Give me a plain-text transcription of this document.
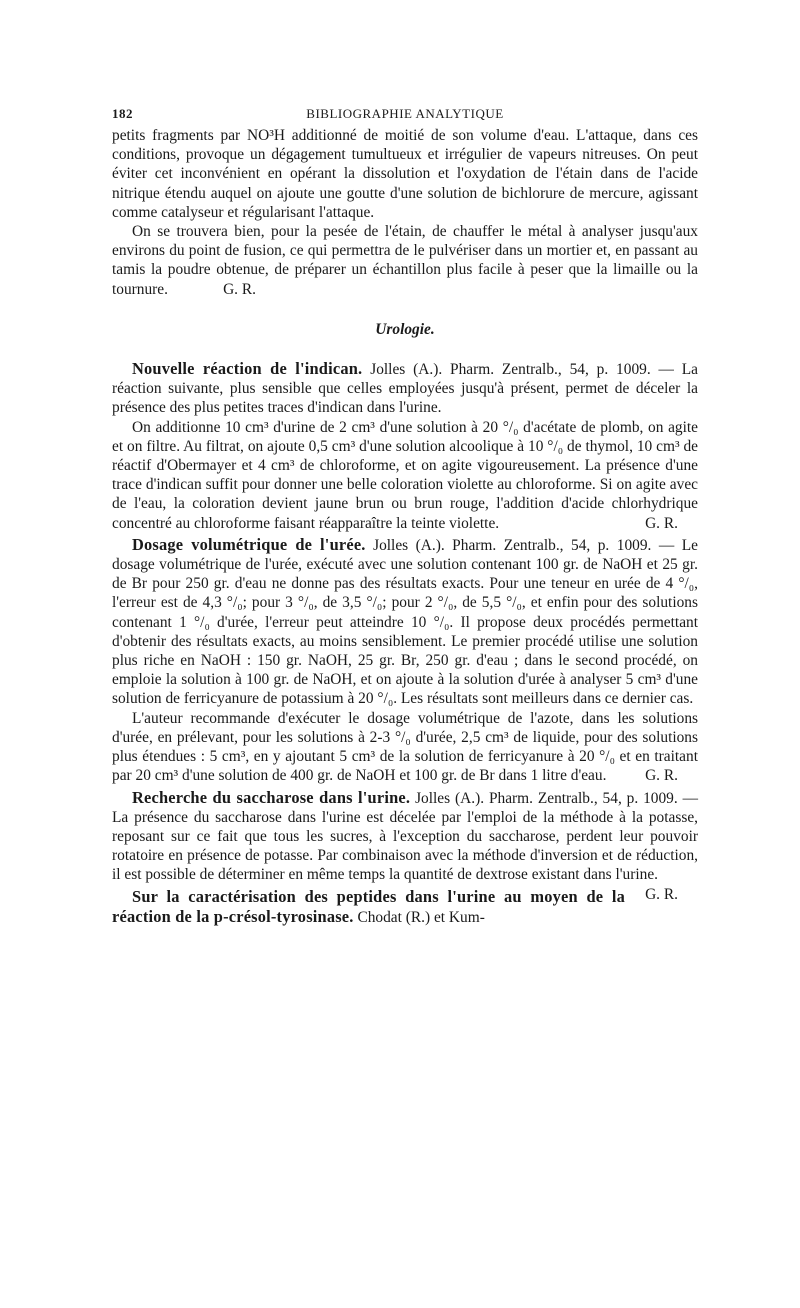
182	BIBLIOGRAPHIE ANALYTIQUE

petits fragments par NO³H additionné de moitié de son volume d'eau. L'attaque, dans ces conditions, provoque un dégagement tumultueux et irrégulier de vapeurs nitreuses. On peut éviter cet inconvénient en opérant la dissolution et l'oxydation de l'étain dans de l'acide nitrique étendu auquel on ajoute une goutte d'une solution de bichlorure de mercure, agissant comme catalyseur et régularisant l'attaque.

On se trouvera bien, pour la pesée de l'étain, de chauffer le métal à analyser jusqu'aux environs du point de fusion, ce qui permettra de le pulvériser dans un mortier et, en passant au tamis la poudre obtenue, de préparer un échantillon plus facile à peser que la limaille ou la tournure.	G. R.

Urologie.

Nouvelle réaction de l'indican. Jolles (A.). Pharm. Zentralb., 54, p. 1009. — La réaction suivante, plus sensible que celles employées jusqu'à présent, permet de déceler la présence des plus petites traces d'indican dans l'urine.

On additionne 10 cm³ d'urine de 2 cm³ d'une solution à 20 °/₀ d'acétate de plomb, on agite et on filtre. Au filtrat, on ajoute 0,5 cm³ d'une solution alcoolique à 10 °/₀ de thymol, 10 cm³ de réactif d'Obermayer et 4 cm³ de chloroforme, et on agite vigoureusement. La présence d'une trace d'indican suffit pour donner une belle coloration violette au chloroforme. Si on agite avec de l'eau, la coloration devient jaune brun ou brun rouge, l'addition d'acide chlorhydrique concentré au chloroforme faisant réapparaître la teinte violette.	G. R.

Dosage volumétrique de l'urée. Jolles (A.). Pharm. Zentralb., 54, p. 1009. — Le dosage volumétrique de l'urée, exécuté avec une solution contenant 100 gr. de NaOH et 25 gr. de Br pour 250 gr. d'eau ne donne pas des résultats exacts. Pour une teneur en urée de 4 °/₀, l'erreur est de 4,3 °/₀; pour 3 °/₀, de 3,5 °/₀; pour 2 °/₀, de 5,5 °/₀, et enfin pour des solutions contenant 1 °/₀ d'urée, l'erreur peut atteindre 10 °/₀. Il propose deux procédés permettant d'obtenir des résultats exacts, au moins sensiblement. Le premier procédé utilise une solution plus riche en NaOH : 150 gr. NaOH, 25 gr. Br, 250 gr. d'eau ; dans le second procédé, on emploie la solution à 100 gr. de NaOH, et on ajoute à la solution d'urée à analyser 5 cm³ d'une solution de ferricyanure de potassium à 20 °/₀. Les résultats sont meilleurs dans ce dernier cas.

L'auteur recommande d'exécuter le dosage volumétrique de l'azote, dans les solutions d'urée, en prélevant, pour les solutions à 2-3 °/₀ d'urée, 2,5 cm³ de liquide, pour des solutions plus étendues : 5 cm³, en y ajoutant 5 cm³ de la solution de ferricyanure à 20 °/₀ et en traitant par 20 cm³ d'une solution de 400 gr. de NaOH et 100 gr. de Br dans 1 litre d'eau.	G. R.

Recherche du saccharose dans l'urine. Jolles (A.). Pharm. Zentralb., 54, p. 1009. — La présence du saccharose dans l'urine est décelée par l'emploi de la méthode à la potasse, reposant sur ce fait que tous les sucres, à l'exception du saccharose, perdent leur pouvoir rotatoire en présence de potasse. Par combinaison avec la méthode d'inversion et de réduction, il est possible de déterminer en même temps la quantité de dextrose existant dans l'urine.
G. R.

Sur la caractérisation des peptides dans l'urine au moyen de la réaction de la p-crésol-tyrosinase. Chodat (R.) et Kum-
